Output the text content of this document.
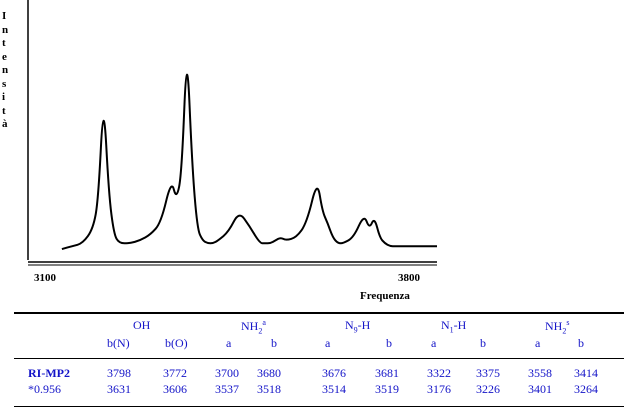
I
n
t
e
n
s
i
t
à
3100	3800
Frequenza
OH	$NH_2^a$	$N_9-H$	$N_1-H$	$NH_2^s$
b(N)	b(O)	a	b	a	b	a	b	a	b
RI-MP2	3798	3772 3700 3680	3676 3681 3322 3375 3558 3414
*0.956	3631	3606 3537 3518	3514 3519 3176 3226 3401 3264
